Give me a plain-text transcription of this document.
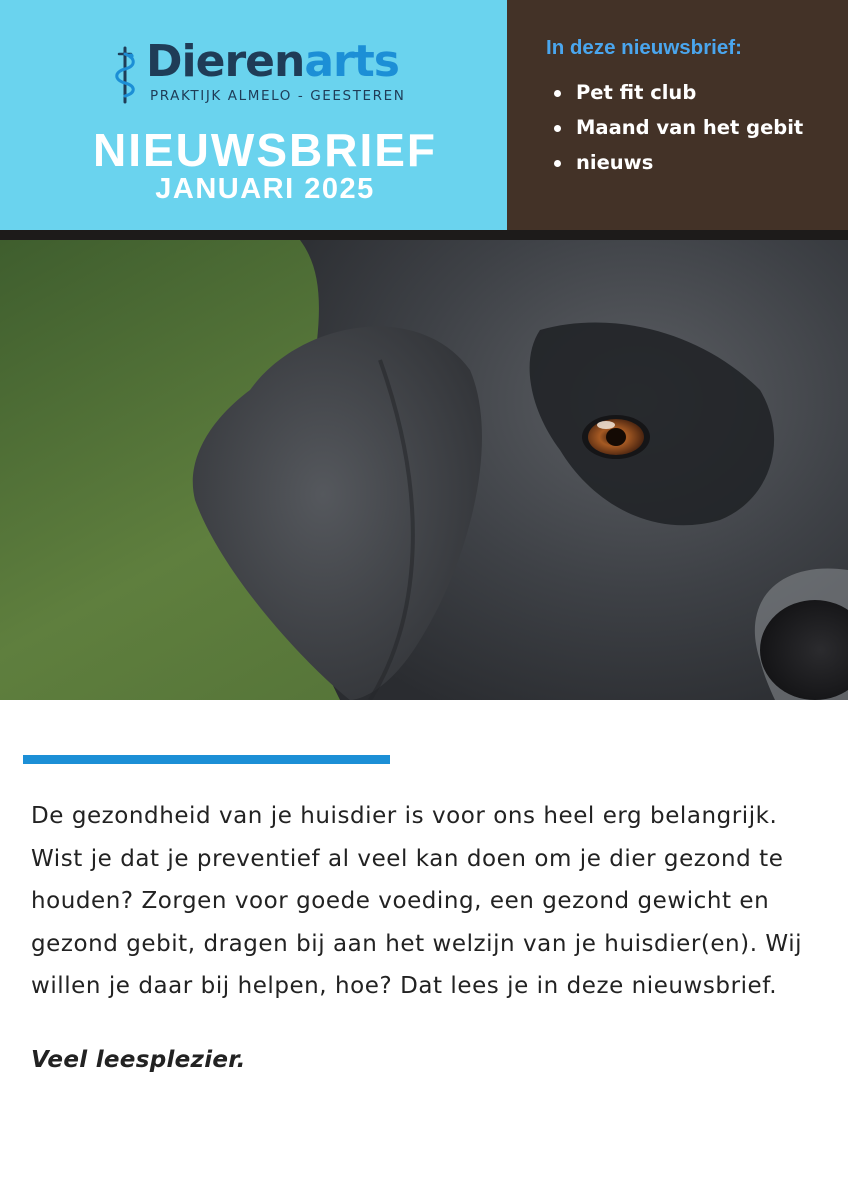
Dierenarts
PRAKTIJK ALMELO - GEESTEREN
NIEUWSBRIEF
JANUARI 2025
In deze nieuwsbrief:
Pet fit club
Maand van het gebit
nieuws

De gezondheid van je huisdier is voor ons heel erg belangrijk. Wist je dat je preventief al veel kan doen om je dier gezond te houden? Zorgen voor goede voeding, een gezond gewicht en gezond gebit, dragen bij aan het welzijn van je huisdier(en). Wij willen je daar bij helpen, hoe? Dat lees je in deze nieuwsbrief.

Veel leesplezier.
